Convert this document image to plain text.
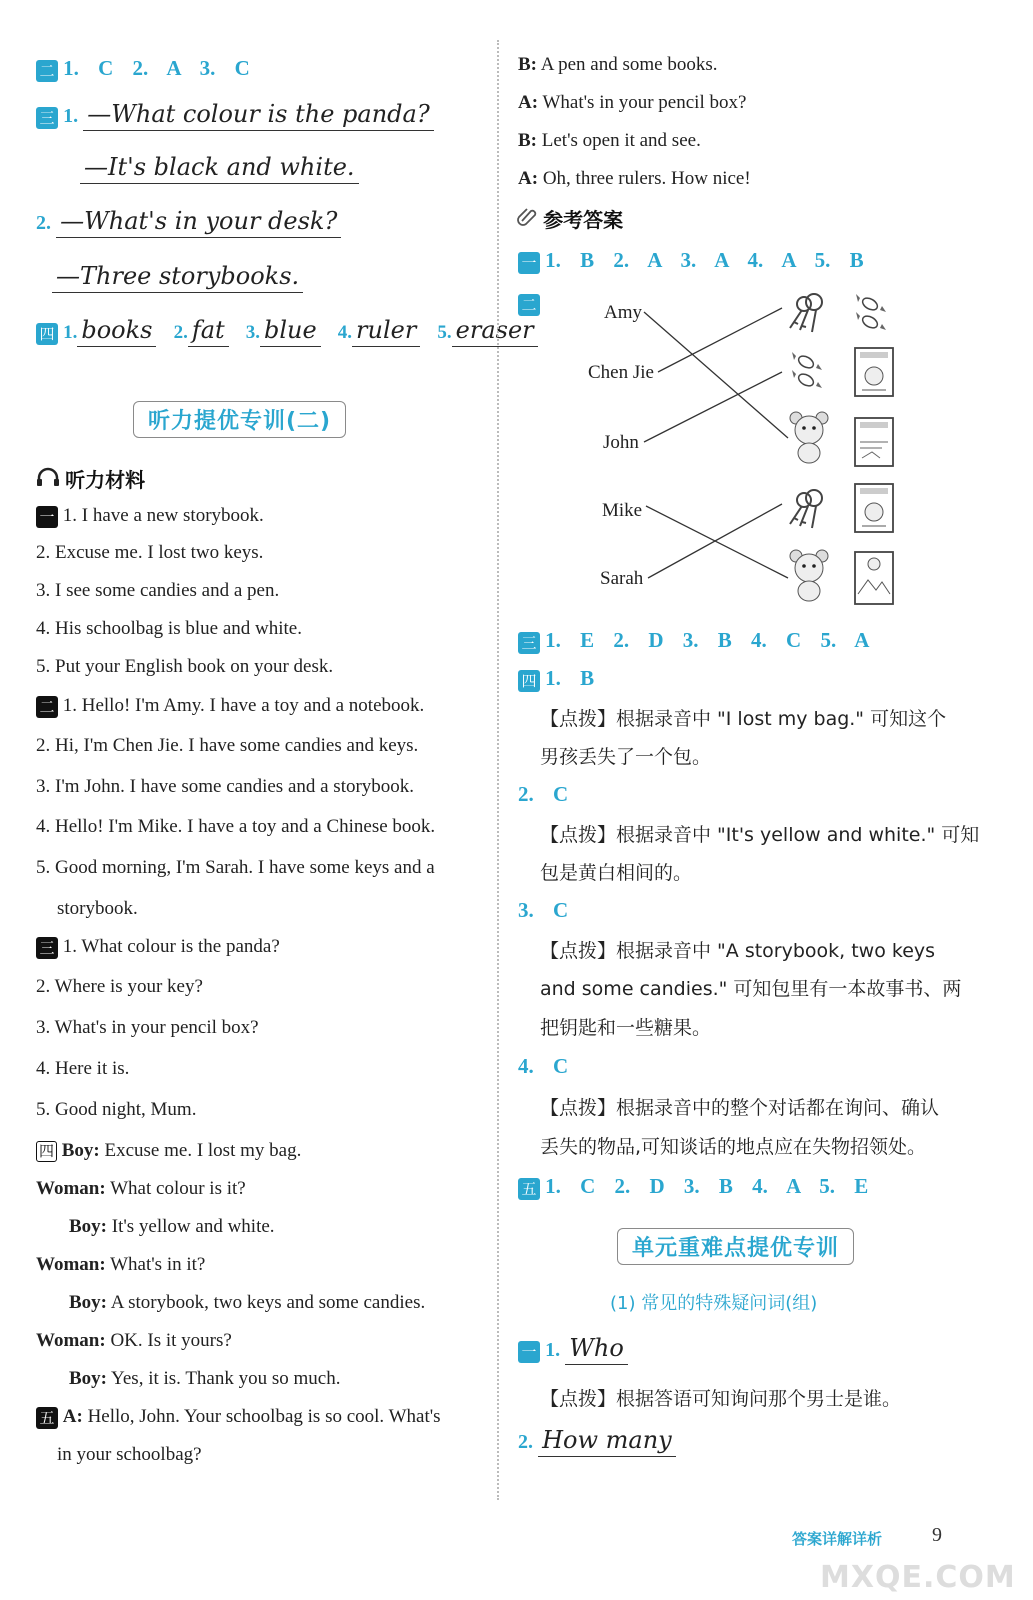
二 1. C 2. A 3. C
三 1. —What colour is the panda?
—It's black and white.
2. —What's in your desk?
—Three storybooks.
四 1. books 2. fat 3. blue 4. ruler 5. eraser
听力提优专训(二)
听力材料
一 1. I have a new storybook.
2. Excuse me. I lost two keys.
3. I see some candies and a pen.
4. His schoolbag is blue and white.
5. Put your English book on your desk.
二 1. Hello! I'm Amy. I have a toy and a notebook.
2. Hi, I'm Chen Jie. I have some candies and keys.
3. I'm John. I have some candies and a storybook.
4. Hello! I'm Mike. I have a toy and a Chinese book.
5. Good morning, I'm Sarah. I have some keys and a
storybook.
三 1. What colour is the panda?
2. Where is your key?
3. What's in your pencil box?
4. Here it is.
5. Good night, Mum.
四 Boy: Excuse me. I lost my bag.
Woman: What colour is it?
Boy: It's yellow and white.
Woman: What's in it?
Boy: A storybook, two keys and some candies.
Woman: OK. Is it yours?
Boy: Yes, it is. Thank you so much.
五 A: Hello, John. Your schoolbag is so cool. What's
in your schoolbag?
B: A pen and some books.
A: What's in your pencil box?
B: Let's open it and see.
A: Oh, three rulers. How nice!
参考答案
一 1. B 2. A 3. A 4. A 5. B
二	Amy
Chen Jie
John
Mike
Sarah
三 1. E 2. D 3. B 4. C 5. A
四 1. B
【点拨】根据录音中 "I lost my bag." 可知这个
男孩丢失了一个包。
2. C
【点拨】根据录音中 "It's yellow and white." 可知
包是黄白相间的。
3. C
【点拨】根据录音中 "A storybook, two keys
and some candies." 可知包里有一本故事书、两
把钥匙和一些糖果。
4. C
【点拨】根据录音中的整个对话都在询问、确认
丢失的物品,可知谈话的地点应在失物招领处。
五 1. C 2. D 3. B 4. A 5. E
单元重难点提优专训
(1) 常见的特殊疑问词(组)
一 1. Who
【点拨】根据答语可知询问那个男士是谁。
2. How many
答案详解详析 9
MXQE.COM
